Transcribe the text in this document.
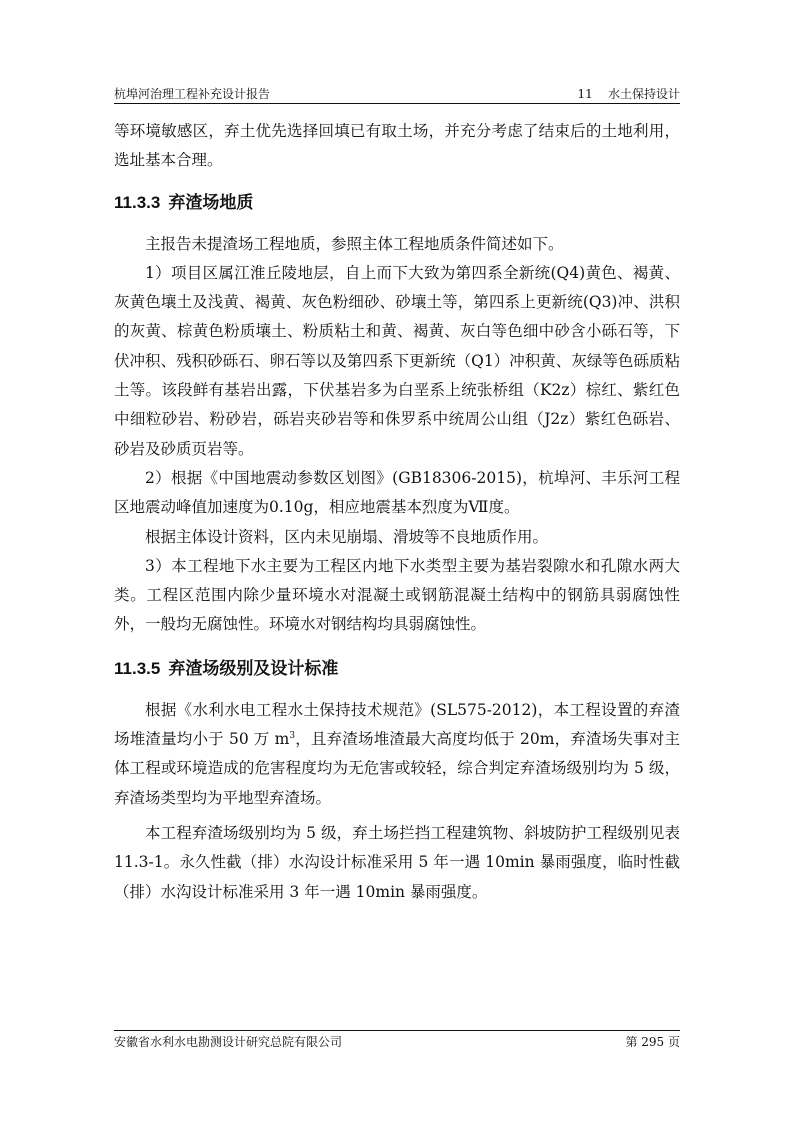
杭埠河治理工程补充设计报告	11    水土保持设计

等环境敏感区，弃土优先选择回填已有取土场，并充分考虑了结束后的土地利用，选址基本合理。

11.3.3 弃渣场地质

主报告未提渣场工程地质，参照主体工程地质条件简述如下。

1）项目区属江淮丘陵地层，自上而下大致为第四系全新统(Q4)黄色、褐黄、灰黄色壤土及浅黄、褐黄、灰色粉细砂、砂壤土等，第四系上更新统(Q3)冲、洪积的灰黄、棕黄色粉质壤土、粉质粘土和黄、褐黄、灰白等色细中砂含小砾石等，下伏冲积、残积砂砾石、卵石等以及第四系下更新统（Q1）冲积黄、灰绿等色砾质粘土等。该段鲜有基岩出露，下伏基岩多为白垩系上统张桥组（K2z）棕红、紫红色中细粒砂岩、粉砂岩，砾岩夹砂岩等和侏罗系中统周公山组（J2z）紫红色砾岩、砂岩及砂质页岩等。

2）根据《中国地震动参数区划图》(GB18306-2015)，杭埠河、丰乐河工程区地震动峰值加速度为0.10g，相应地震基本烈度为Ⅶ度。

根据主体设计资料，区内未见崩塌、滑坡等不良地质作用。

3）本工程地下水主要为工程区内地下水类型主要为基岩裂隙水和孔隙水两大类。工程区范围内除少量环境水对混凝土或钢筋混凝土结构中的钢筋具弱腐蚀性外，一般均无腐蚀性。环境水对钢结构均具弱腐蚀性。

11.3.5 弃渣场级别及设计标准

根据《水利水电工程水土保持技术规范》(SL575-2012)，本工程设置的弃渣场堆渣量均小于 50 万 $m^3$，且弃渣场堆渣最大高度均低于 20m，弃渣场失事对主体工程或环境造成的危害程度均为无危害或较轻，综合判定弃渣场级别均为 5 级，弃渣场类型均为平地型弃渣场。

本工程弃渣场级别均为 5 级，弃土场拦挡工程建筑物、斜坡防护工程级别见表 11.3-1。永久性截（排）水沟设计标准采用 5 年一遇 10min 暴雨强度，临时性截（排）水沟设计标准采用 3 年一遇 10min 暴雨强度。

安徽省水利水电勘测设计研究总院有限公司	第 295 页
